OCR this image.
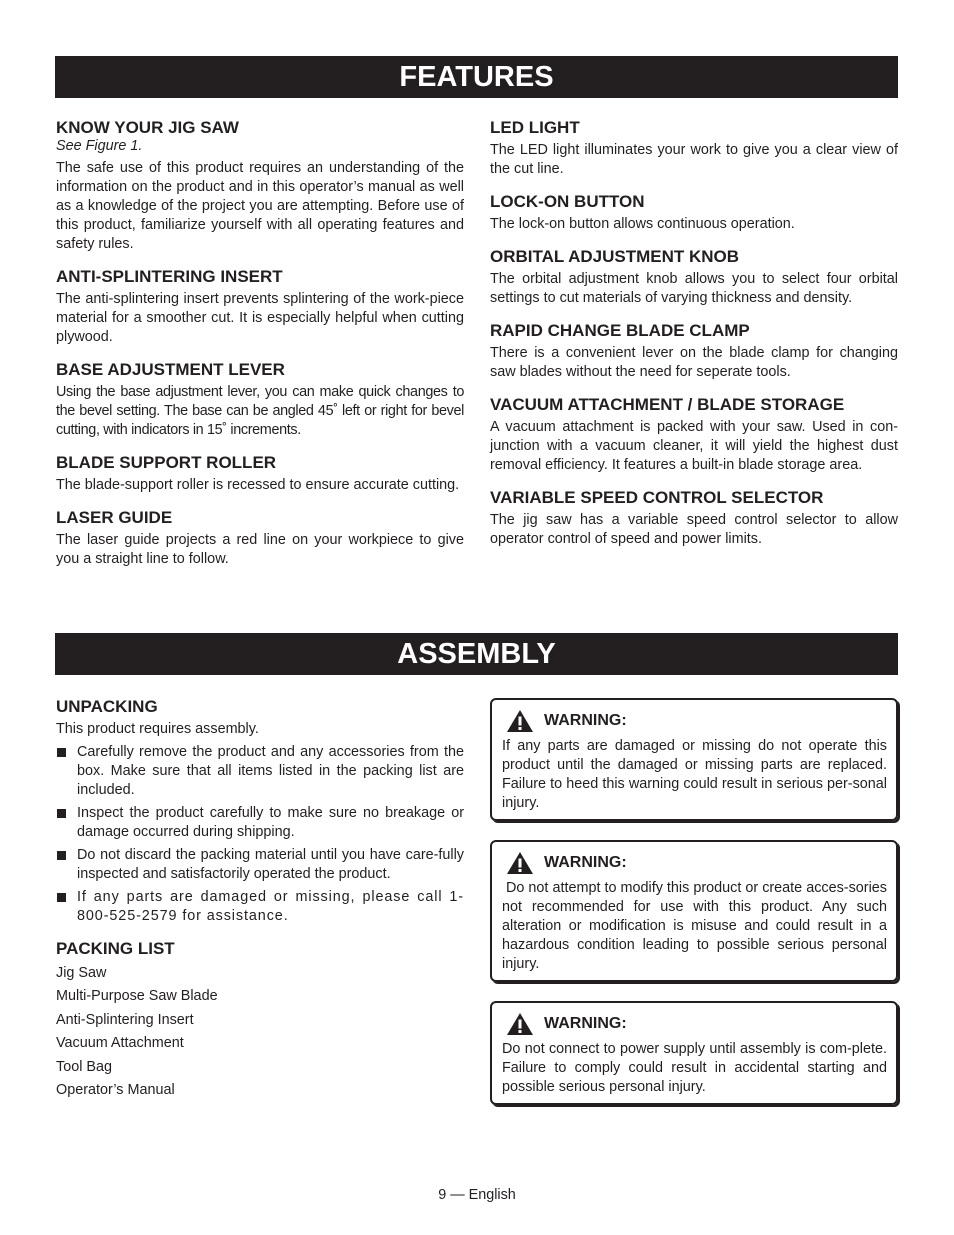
FEATURES
KNOW YOUR JIG SAW

See Figure 1.

The safe use of this product requires an understanding of the information on the product and in this operator’s manual as well as a knowledge of the project you are attempting. Before use of this product, familiarize yourself with all operating features and safety rules.

ANTI-SPLINTERING INSERT

The anti-splintering insert prevents splintering of the work-piece material for a smoother cut. It is especially helpful when cutting plywood.

BASE ADJUSTMENT LEVER

Using the base adjustment lever, you can make quick changes to the bevel setting. The base can be angled 45˚ left or right for bevel cutting, with indicators in 15˚ increments.

BLADE SUPPORT ROLLER

The blade-support roller is recessed to ensure accurate cutting.

LASER GUIDE

The laser guide projects a red line on your workpiece to give you a straight line to follow.

LED LIGHT

The LED light illuminates your work to give you a clear view of the cut line.

LOCK-ON BUTTON

The lock-on button allows continuous operation.

ORBITAL ADJUSTMENT KNOB

The orbital adjustment knob allows you to select four orbital settings to cut materials of varying thickness and density.

RAPID CHANGE BLADE CLAMP

There is a convenient lever on the blade clamp for changing saw blades without the need for seperate tools.

VACUUM ATTACHMENT / BLADE STORAGE

A vacuum attachment is packed with your saw. Used in con-junction with a vacuum cleaner, it will yield the highest dust removal efficiency. It features a built-in blade storage area.

VARIABLE SPEED CONTROL SELECTOR

The jig saw has a variable speed control selector to allow operator control of speed and power limits.

ASSEMBLY
UNPACKING

This product requires assembly.

Carefully remove the product and any accessories from the box. Make sure that all items listed in the packing list are included.
Inspect the product carefully to make sure no breakage or damage occurred during shipping.
Do not discard the packing material until you have care-fully inspected and satisfactorily operated the product.
If any parts are damaged or missing, please call 1-800-525-2579 for assistance.
PACKING LIST
Jig Saw
Multi-Purpose Saw Blade
Anti-Splintering Insert
Vacuum Attachment
Tool Bag
Operator’s Manual
WARNING:

If any parts are damaged or missing do not operate this product until the damaged or missing parts are replaced. Failure to heed this warning could result in serious per-sonal injury.

WARNING:

Do not attempt to modify this product or create acces-sories not recommended for use with this product. Any such alteration or modification is misuse and could result in a hazardous condition leading to possible serious personal injury.

WARNING:

Do not connect to power supply until assembly is com-plete. Failure to comply could result in accidental starting and possible serious personal injury.

9 — English
